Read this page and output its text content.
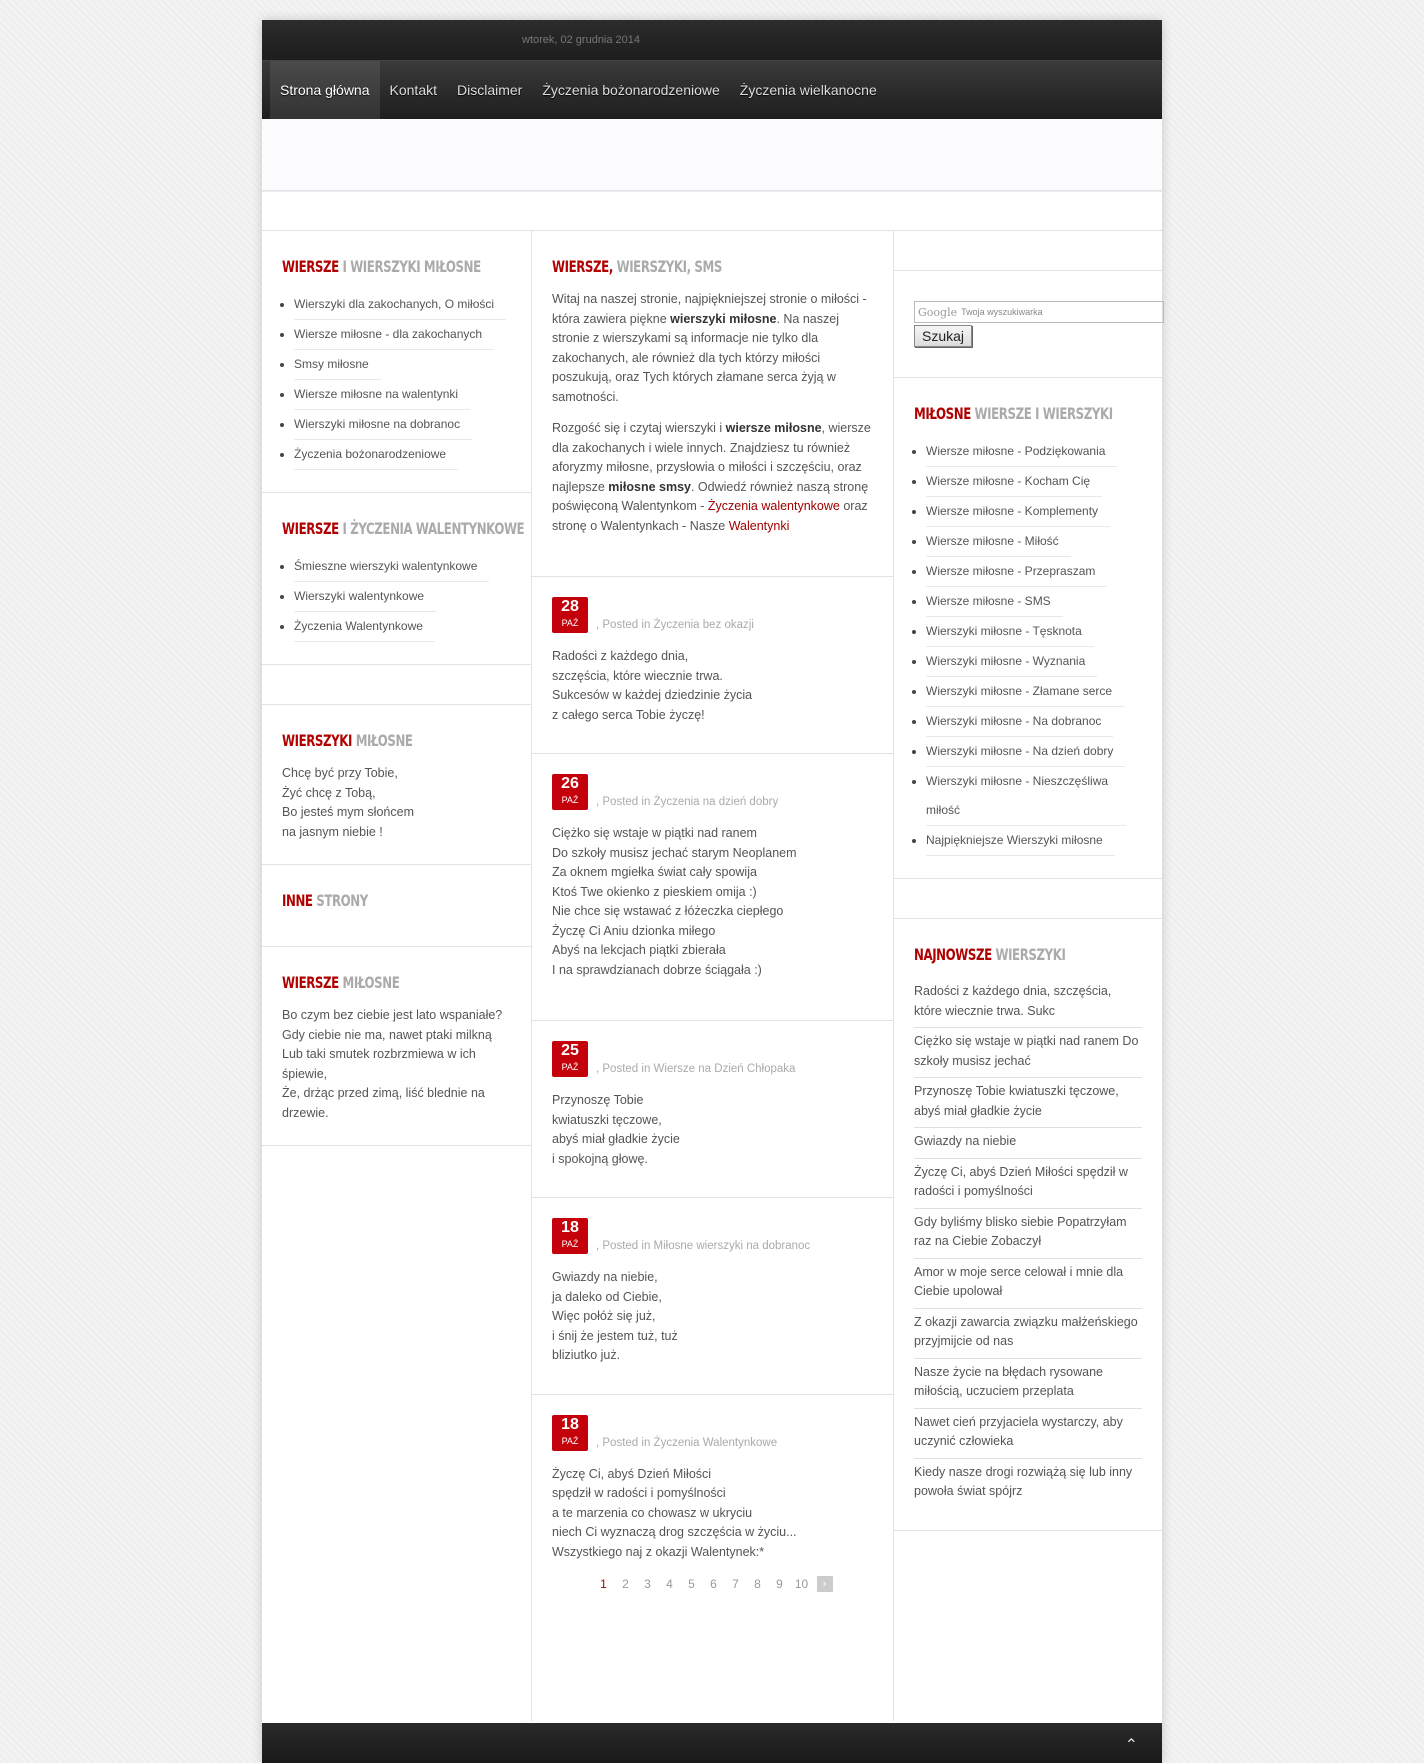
wtorek, 02 grudnia 2014
Strona główna	Kontakt	Disclaimer	Życzenia bożonarodzeniowe	Życzenia wielkanocne
WIERSZE I WIERSZYKI MIŁOSNE
• Wierszyki dla zakochanych, O miłości
• Wiersze miłosne - dla zakochanych
• Smsy miłosne
• Wiersze miłosne na walentynki
• Wierszyki miłosne na dobranoc
• Życzenia bożonarodzeniowe
WIERSZE I ŻYCZENIA WALENTYNKOWE
• Śmieszne wierszyki walentynkowe
• Wierszyki walentynkowe
• Życzenia Walentynkowe
WIERSZYKI MIŁOSNE
Chcę być przy Tobie,
Żyć chcę z Tobą,
Bo jesteś mym słońcem
na jasnym niebie !
INNE STRONY
WIERSZE MIŁOSNE
Bo czym bez ciebie jest lato wspaniałe?
Gdy ciebie nie ma, nawet ptaki milkną
Lub taki smutek rozbrzmiewa w ich śpiewie,
Że, drżąc przed zimą, liść blednie na drzewie.
WIERSZE, WIERSZYKI, SMS

Witaj na naszej stronie, najpiękniejszej stronie o miłości - która zawiera piękne wierszyki miłosne. Na naszej stronie z wierszykami są informacje nie tylko dla zakochanych, ale również dla tych którzy miłości poszukują, oraz Tych których złamane serca żyją w samotności.

Rozgość się i czytaj wierszyki i wiersze miłosne, wiersze dla zakochanych i wiele innych. Znajdziesz tu również aforyzmy miłosne, przysłowia o miłości i szczęściu, oraz najlepsze miłosne smsy. Odwiedź również naszą stronę poświęconą Walentynkom - Życzenia walentynkowe oraz stronę o Walentynkach - Nasze Walentynki

28
PAŹ	, Posted in Życzenia bez okazji
Radości z każdego dnia,
szczęścia, które wiecznie trwa.
Sukcesów w każdej dziedzinie życia
z całego serca Tobie życzę!
26
PAŹ	, Posted in Życzenia na dzień dobry
Ciężko się wstaje w piątki nad ranem
Do szkoły musisz jechać starym Neoplanem
Za oknem mgiełka świat cały spowija
Ktoś Twe okienko z pieskiem omija :)
Nie chce się wstawać z łóżeczka ciepłego
Życzę Ci Aniu dzionka miłego
Abyś na lekcjach piątki zbierała
I na sprawdzianach dobrze ściągała :)
25
PAŹ	, Posted in Wiersze na Dzień Chłopaka
Przynoszę Tobie
kwiatuszki tęczowe,
abyś miał gładkie życie
i spokojną głowę.
18
PAŹ	, Posted in Miłosne wierszyki na dobranoc
Gwiazdy na niebie,
ja daleko od Ciebie,
Więc połóż się już,
i śnij że jestem tuż, tuż
bliziutko już.
18
PAŹ	, Posted in Życzenia Walentynkowe
Życzę Ci, abyś Dzień Miłości
spędził w radości i pomyślności
a te marzenia co chowasz w ukryciu
niech Ci wyznaczą drog szczęścia w życiu...
Wszystkiego naj z okazji Walentynek:*
1	2	3	4	5	6	7	8	9 10	›
Google Twoja wyszukiwarka
Szukaj
MIŁOSNE WIERSZE I WIERSZYKI
• Wiersze miłosne - Podziękowania
• Wiersze miłosne - Kocham Cię
• Wiersze miłosne - Komplementy
• Wiersze miłosne - Miłość
• Wiersze miłosne - Przepraszam
• Wiersze miłosne - SMS
• Wierszyki miłosne - Tęsknota
• Wierszyki miłosne - Wyznania
• Wierszyki miłosne - Złamane serce
• Wierszyki miłosne - Na dobranoc
• Wierszyki miłosne - Na dzień dobry
• Wierszyki miłosne - Nieszczęśliwa miłość
• Najpiękniejsze Wierszyki miłosne
NAJNOWSZE WIERSZYKI
Radości z każdego dnia, szczęścia, które wiecznie trwa. Sukc
Ciężko się wstaje w piątki nad ranem Do szkoły musisz jechać
Przynoszę Tobie kwiatuszki tęczowe, abyś miał gładkie życie
Gwiazdy na niebie
Życzę Ci, abyś Dzień Miłości spędził w radości i pomyślności
Gdy byliśmy blisko siebie Popatrzyłam raz na Ciebie Zobaczył
Amor w moje serce celował i mnie dla Ciebie upolował
Z okazji zawarcia związku małżeńskiego przyjmijcie od nas
Nasze życie na błędach rysowane miłością, uczuciem przeplata
Nawet cień przyjaciela wystarczy, aby uczynić człowieka
Kiedy nasze drogi rozwiążą się lub inny powoła świat spójrz
⌃
